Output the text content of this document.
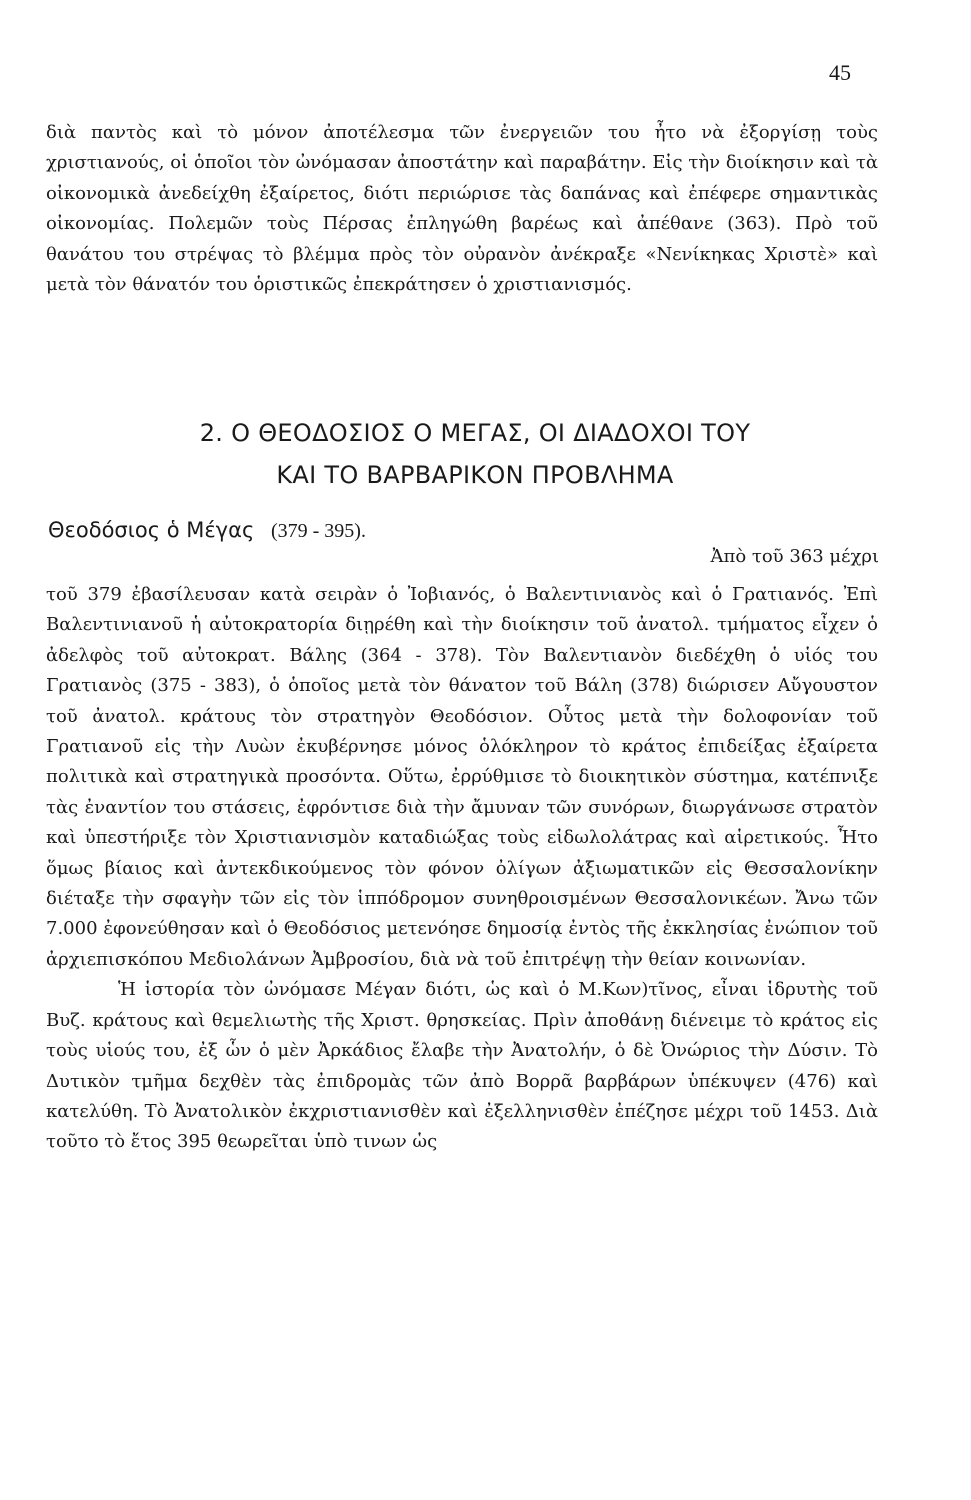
45

διὰ παντὸς καὶ τὸ μόνον ἀποτέλεσμα τῶν ἐνεργειῶν του ἦτο νὰ ἐξοργίσῃ τοὺς χριστιανούς, οἱ ὁποῖοι τὸν ὠνόμασαν ἀποστάτην καὶ παραβάτην. Εἰς τὴν διοίκησιν καὶ τὰ οἰκονομικὰ ἀνεδείχθη ἐξαίρετος, διότι περιώρισε τὰς δαπάνας καὶ ἐπέφερε σημαντικὰς οἰκονομίας. Πολεμῶν τοὺς Πέρσας ἐπληγώθη βαρέως καὶ ἀπέθανε (363). Πρὸ τοῦ θανάτου του στρέψας τὸ βλέμμα πρὸς τὸν οὐρανὸν ἀνέκραξε «Νενίκηκας Χριστὲ» καὶ μετὰ τὸν θάνατόν του ὁριστικῶς ἐπεκράτησεν ὁ χριστιανισμός.

2. Ο ΘΕΟΔΟΣΙΟΣ Ο ΜΕΓΑΣ, ΟΙ ΔΙΑΔΟΧΟΙ ΤΟΥ
ΚΑΙ ΤΟ ΒΑΡΒΑΡΙΚΟΝ ΠΡΟΒΛΗΜΑ
Θεοδόσιος ὁ Μέγας (379 - 395).
Ἀπὸ τοῦ 363 μέχρι

τοῦ 379 ἐβασίλευσαν κατὰ σειρὰν ὁ Ἰοβιανός, ὁ Βαλεντινιανὸς καὶ ὁ Γρατιανός. Ἐπὶ Βαλεντινιανοῦ ἡ αὐτοκρατορία διῃρέθη καὶ τὴν διοίκησιν τοῦ ἀνατολ. τμήματος εἶχεν ὁ ἀδελφὸς τοῦ αὐτοκρατ. Βάλης (364 - 378). Τὸν Βαλεντιανὸν διεδέχθη ὁ υἱός του Γρατιανὸς (375 - 383), ὁ ὁποῖος μετὰ τὸν θάνατον τοῦ Βάλη (378) διώρισεν Αὔγουστον τοῦ ἀνατολ. κράτους τὸν στρατηγὸν Θεοδόσιον. Οὗτος μετὰ τὴν δολοφονίαν τοῦ Γρατιανοῦ εἰς τὴν Λυὼν ἐκυβέρνησε μόνος ὁλόκληρον τὸ κράτος ἐπιδείξας ἐξαίρετα πολιτικὰ καὶ στρατηγικὰ προσόντα. Οὕτω, ἐρρύθμισε τὸ διοικητικὸν σύστημα, κατέπνιξε τὰς ἐναντίον του στάσεις, ἐφρόντισε διὰ τὴν ἄμυναν τῶν συνόρων, διωργάνωσε στρατὸν καὶ ὑπεστήριξε τὸν Χριστιανισμὸν καταδιώξας τοὺς εἰδωλολάτρας καὶ αἱρετικούς. Ἦτο ὅμως βίαιος καὶ ἀντεκδικούμενος τὸν φόνον ὀλίγων ἀξιωματικῶν εἰς Θεσσαλονίκην διέταξε τὴν σφαγὴν τῶν εἰς τὸν ἱππόδρομον συνηθροισμένων Θεσσαλονικέων. Ἄνω τῶν 7.000 ἐφονεύθησαν καὶ ὁ Θεοδόσιος μετενόησε δημοσίᾳ ἐντὸς τῆς ἐκκλησίας ἐνώπιον τοῦ ἀρχιεπισκόπου Μεδιολάνων Ἀμβροσίου, διὰ νὰ τοῦ ἐπιτρέψῃ τὴν θείαν κοινωνίαν.

Ἡ ἱστορία τὸν ὠνόμασε Μέγαν διότι, ὡς καὶ ὁ Μ.Κων)τῖνος, εἶναι ἱδρυτὴς τοῦ Βυζ. κράτους καὶ θεμελιωτὴς τῆς Χριστ. θρησκείας. Πρὶν ἀποθάνῃ διένειμε τὸ κράτος εἰς τοὺς υἱούς του, ἐξ ὧν ὁ μὲν Ἀρκάδιος ἔλαβε τὴν Ἀνατολήν, ὁ δὲ Ὀνώριος τὴν Δύσιν. Τὸ Δυτικὸν τμῆμα δεχθὲν τὰς ἐπιδρομὰς τῶν ἀπὸ Βορρᾶ βαρβάρων ὑπέκυψεν (476) καὶ κατελύθη. Τὸ Ἀνατολικὸν ἐκχριστιανισθὲν καὶ ἐξελληνισθὲν ἐπέζησε μέχρι τοῦ 1453. Διὰ τοῦτο τὸ ἔτος 395 θεωρεῖται ὑπὸ τινων ὡς
